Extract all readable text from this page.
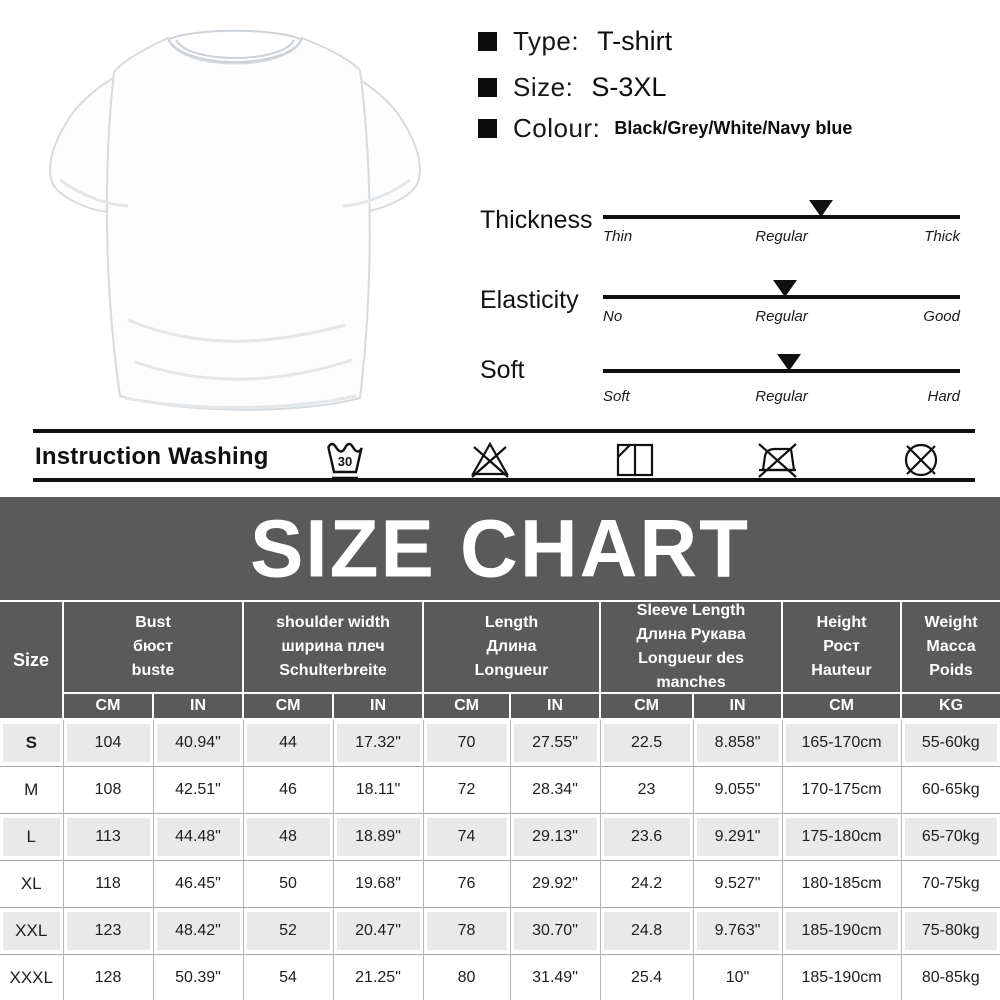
Type: T-shirt
Size: S-3XL
Colour: Black/Grey/White/Navy blue
Thickness
Thin	Regular	Thick
Elasticity
No	Regular	Good
Soft
Soft	Regular	Hard
Instruction Washing	30
SIZE CHART
Size	Bust
бюст
buste		shoulder width
ширина плеч
Schulterbreite		Length
Длина
Longueur		Sleeve Length
Длина Рукава
Longueur des
manches		Height
Рост
Hauteur	Weight
Масса
Poids

	CM	IN	CM	IN	CM	IN	CM	IN	CM	KG
S	104	40.94"	44	17.32"	70	27.55"	22.5	8.858"	165-170cm	55-60kg
M	108	42.51"	46	18.11"	72	28.34"	23	9.055"	170-175cm	60-65kg
L	113	44.48"	48	18.89"	74	29.13"	23.6	9.291"	175-180cm	65-70kg
XL	118	46.45"	50	19.68"	76	29.92"	24.2	9.527"	180-185cm	70-75kg
XXL	123	48.42"	52	20.47"	78	30.70"	24.8	9.763"	185-190cm	75-80kg
XXXL	128	50.39"	54	21.25"	80	31.49"	25.4	10"	185-190cm	80-85kg
